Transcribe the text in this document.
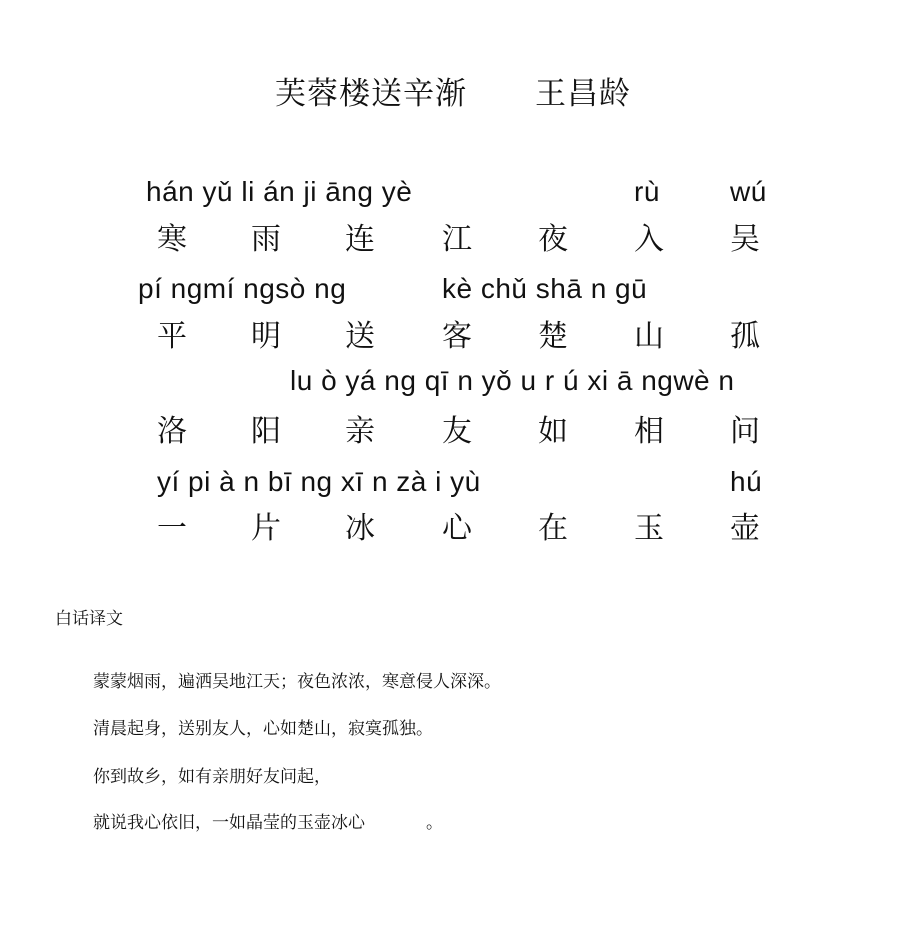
芙蓉楼送辛渐 王昌龄
hán yǔ li án ji āng yè	rù	wú
寒 雨 连 江 夜 入 吴
pí ngmí ngsò ng	kè chǔ shā n gū
平 明 送 客 楚 山 孤
lu ò yá ng qī n yǒ u r ú xi ā ngwè n
洛 阳 亲 友 如 相 问
yí pi à n bī ng xī n zà i yù	hú
一 片 冰 心 在 玉 壶
白话译文
蒙蒙烟雨，遍洒吴地江天；夜色浓浓，寒意侵人深深。
清晨起身，送别友人，心如楚山，寂寞孤独。
你到故乡，如有亲朋好友问起，
就说我心依旧，一如晶莹的玉壶冰心	。
